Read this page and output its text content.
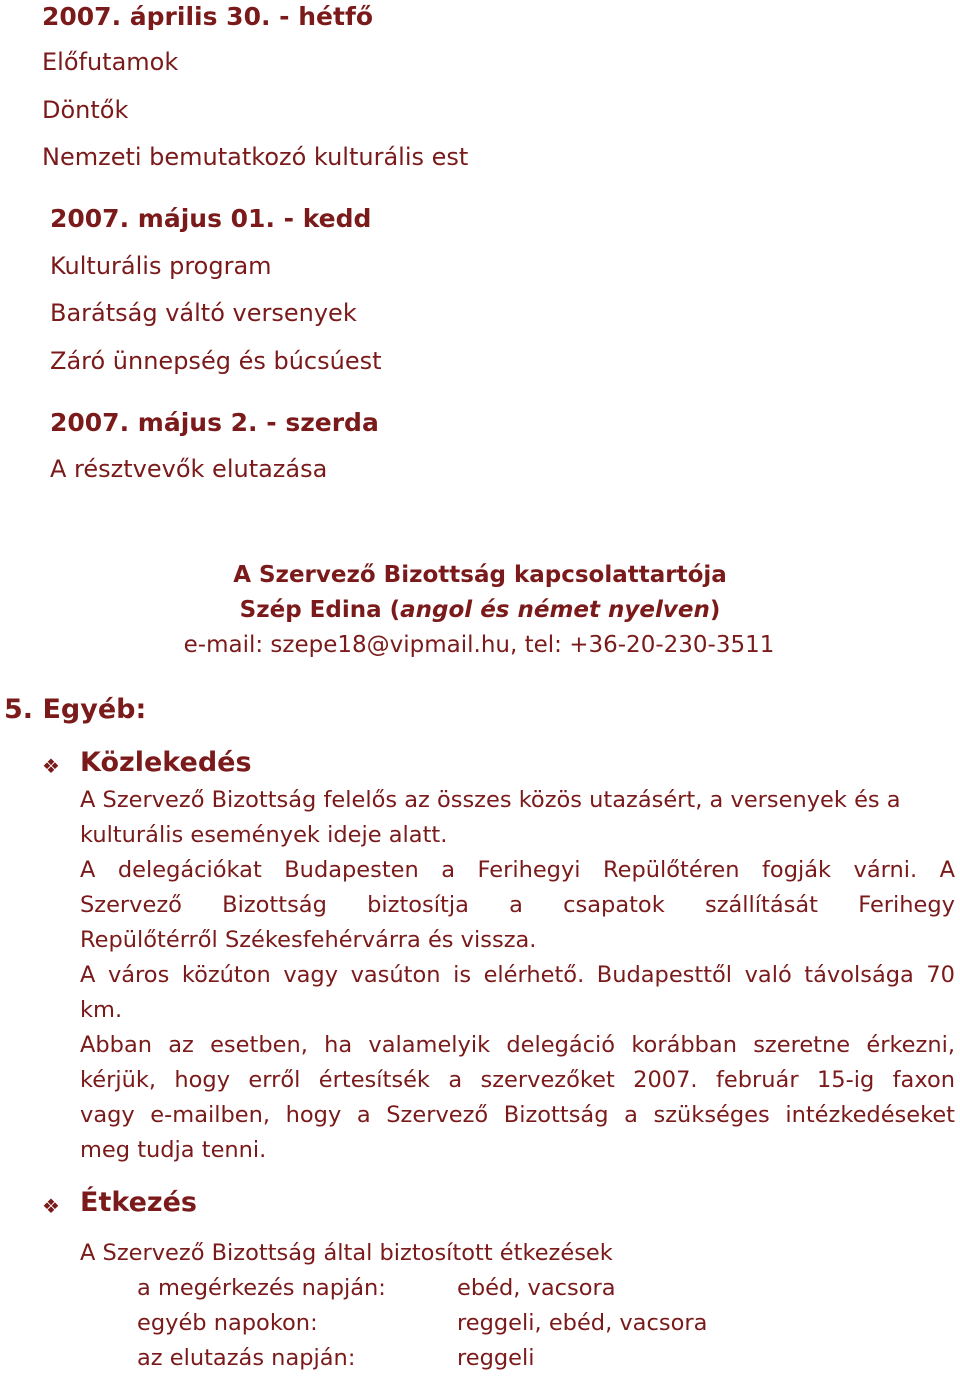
2007. április 30. - hétfő
Előfutamok
Döntők
Nemzeti bemutatkozó kulturális est
2007. május 01. - kedd
Kulturális program
Barátság váltó versenyek
Záró ünnepség és búcsúest
2007. május 2. - szerda
A résztvevők elutazása
A Szervező Bizottság kapcsolattartója
Szép Edina (angol és német nyelven)
e-mail: szepe18@vipmail.hu, tel: +36-20-230-3511
5. Egyéb:
❖ Közlekedés
A Szervező Bizottság felelős az összes közös utazásért, a versenyek és a
kulturális események ideje alatt.
A delegációkat Budapesten a Ferihegyi Repülőtéren fogják várni. A
Szervező Bizottság biztosítja a csapatok szállítását Ferihegy
Repülőtérről Székesfehérvárra és vissza.
A város közúton vagy vasúton is elérhető. Budapesttől való távolsága 70
km.
Abban az esetben, ha valamelyik delegáció korábban szeretne érkezni,
kérjük, hogy erről értesítsék a szervezőket 2007. február 15-ig faxon
vagy e-mailben, hogy a Szervező Bizottság a szükséges intézkedéseket
meg tudja tenni.
❖ Étkezés
A Szervező Bizottság által biztosított étkezések
a megérkezés napján:	ebéd, vacsora
egyéb napokon:	reggeli, ebéd, vacsora
az elutazás napján:	reggeli
